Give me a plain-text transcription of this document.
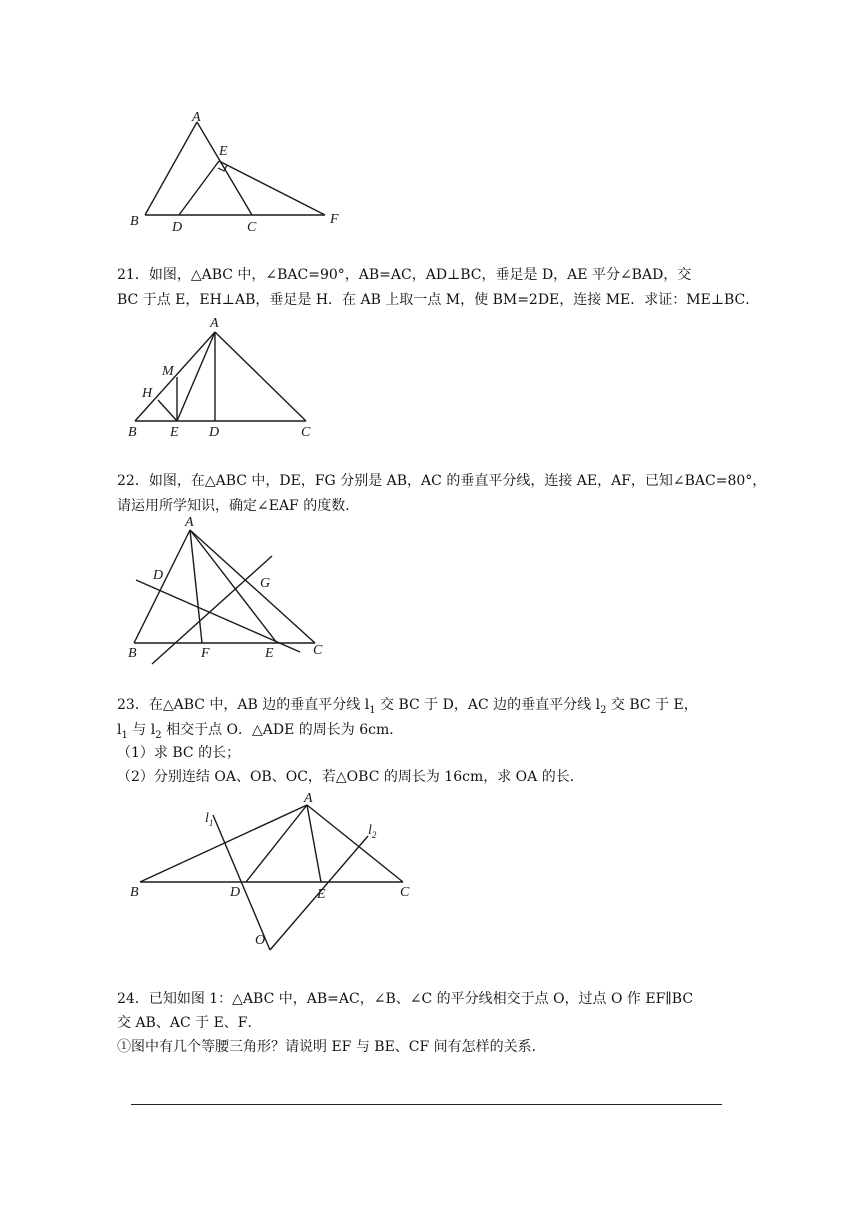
A
E
B D	C
F

21．如图，△ABC 中，∠BAC=90°，AB=AC，AD⊥BC，垂足是 D，AE 平分∠BAD，交

BC 于点 E，EH⊥AB，垂足是 H．在 AB 上取一点 M，使 BM=2DE，连接 ME．求证：ME⊥BC．

A
M
H
B E D	C

22．如图，在△ABC 中，DE，FG 分别是 AB，AC 的垂直平分线，连接 AE，AF，已知∠BAC=80°，

请运用所学知识，确定∠EAF 的度数．

A
D
G
B	F	E	C

23．在△ABC 中，AB 边的垂直平分线 $l_1$ 交 BC 于 D，AC 边的垂直平分线 $l_2$ 交 BC 于 E，

$l_1$ 与 $l_2$ 相交于点 O．△ADE 的周长为 6cm．

（1）求 BC 的长；

（2）分别连结 OA、OB、OC，若△OBC 的周长为 16cm，求 OA 的长．

A
$l_1$	$l_2$
B	D	E	C
O

24．已知如图 1：△ABC 中，AB=AC，∠B、∠C 的平分线相交于点 O，过点 O 作 EF∥BC

交 AB、AC 于 E、F．

①图中有几个等腰三角形？请说明 EF 与 BE、CF 间有怎样的关系．
